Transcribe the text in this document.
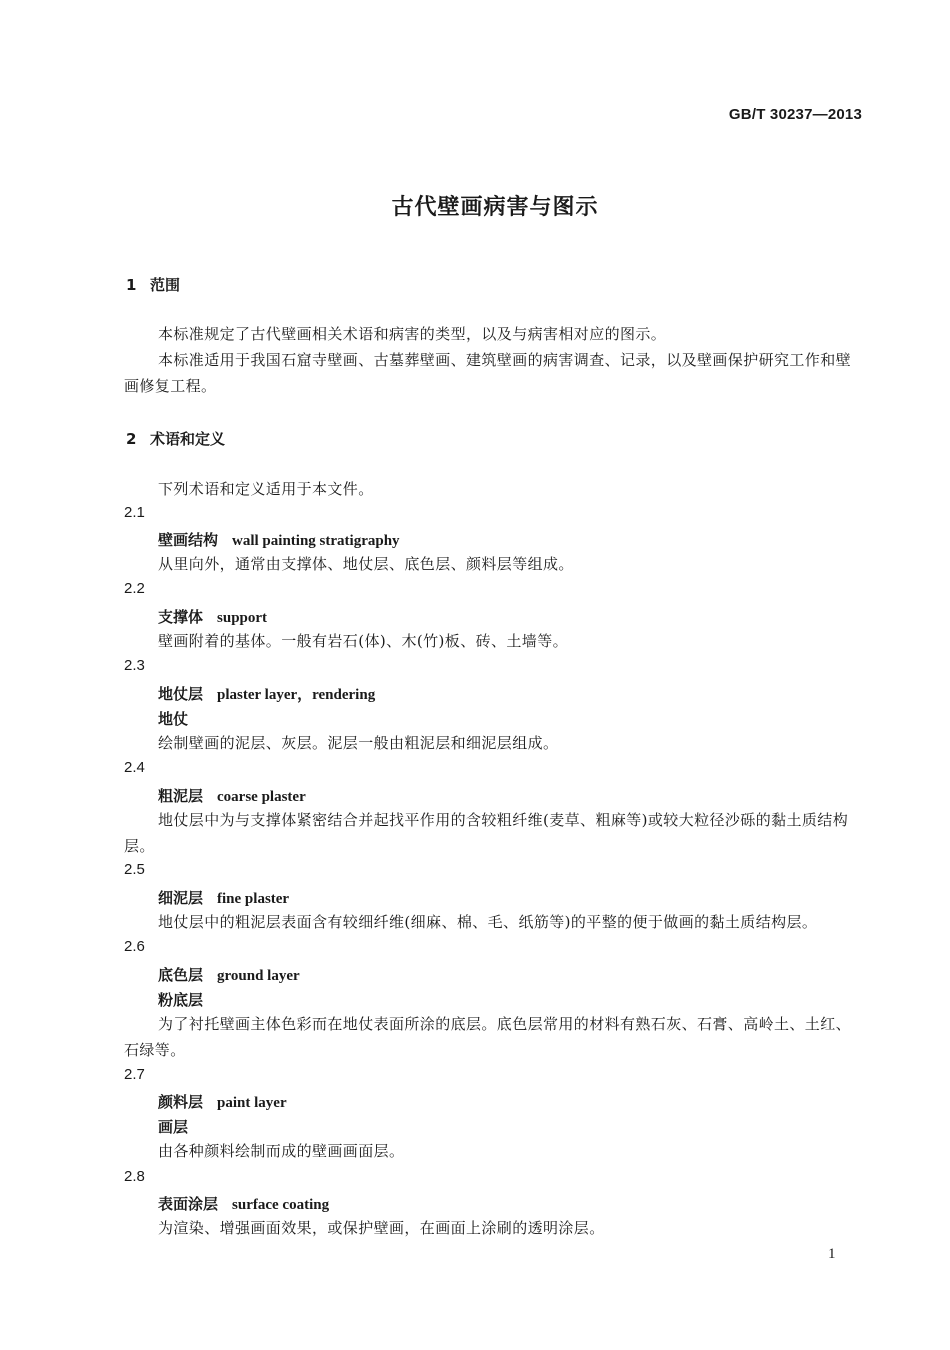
GB/T 30237—2013
古代壁画病害与图示
1 范围
本标准规定了古代壁画相关术语和病害的类型，以及与病害相对应的图示。
本标准适用于我国石窟寺壁画、古墓葬壁画、建筑壁画的病害调查、记录，以及壁画保护研究工作和壁画修复工程。
2 术语和定义
下列术语和定义适用于本文件。
2.1
壁画结构 wall painting stratigraphy
从里向外，通常由支撑体、地仗层、底色层、颜料层等组成。
2.2
支撑体 support
壁画附着的基体。一般有岩石(体)、木(竹)板、砖、土墙等。
2.3
地仗层 plaster layer，rendering
地仗
绘制壁画的泥层、灰层。泥层一般由粗泥层和细泥层组成。
2.4
粗泥层 coarse plaster
地仗层中为与支撑体紧密结合并起找平作用的含较粗纤维(麦草、粗麻等)或较大粒径沙砾的黏土质结构层。
2.5
细泥层 fine plaster
地仗层中的粗泥层表面含有较细纤维(细麻、棉、毛、纸筋等)的平整的便于做画的黏土质结构层。
2.6
底色层 ground layer
粉底层
为了衬托壁画主体色彩而在地仗表面所涂的底层。底色层常用的材料有熟石灰、石膏、高岭土、土红、石绿等。
2.7
颜料层 paint layer
画层
由各种颜料绘制而成的壁画画面层。
2.8
表面涂层 surface coating
为渲染、增强画面效果，或保护壁画，在画面上涂刷的透明涂层。
1
